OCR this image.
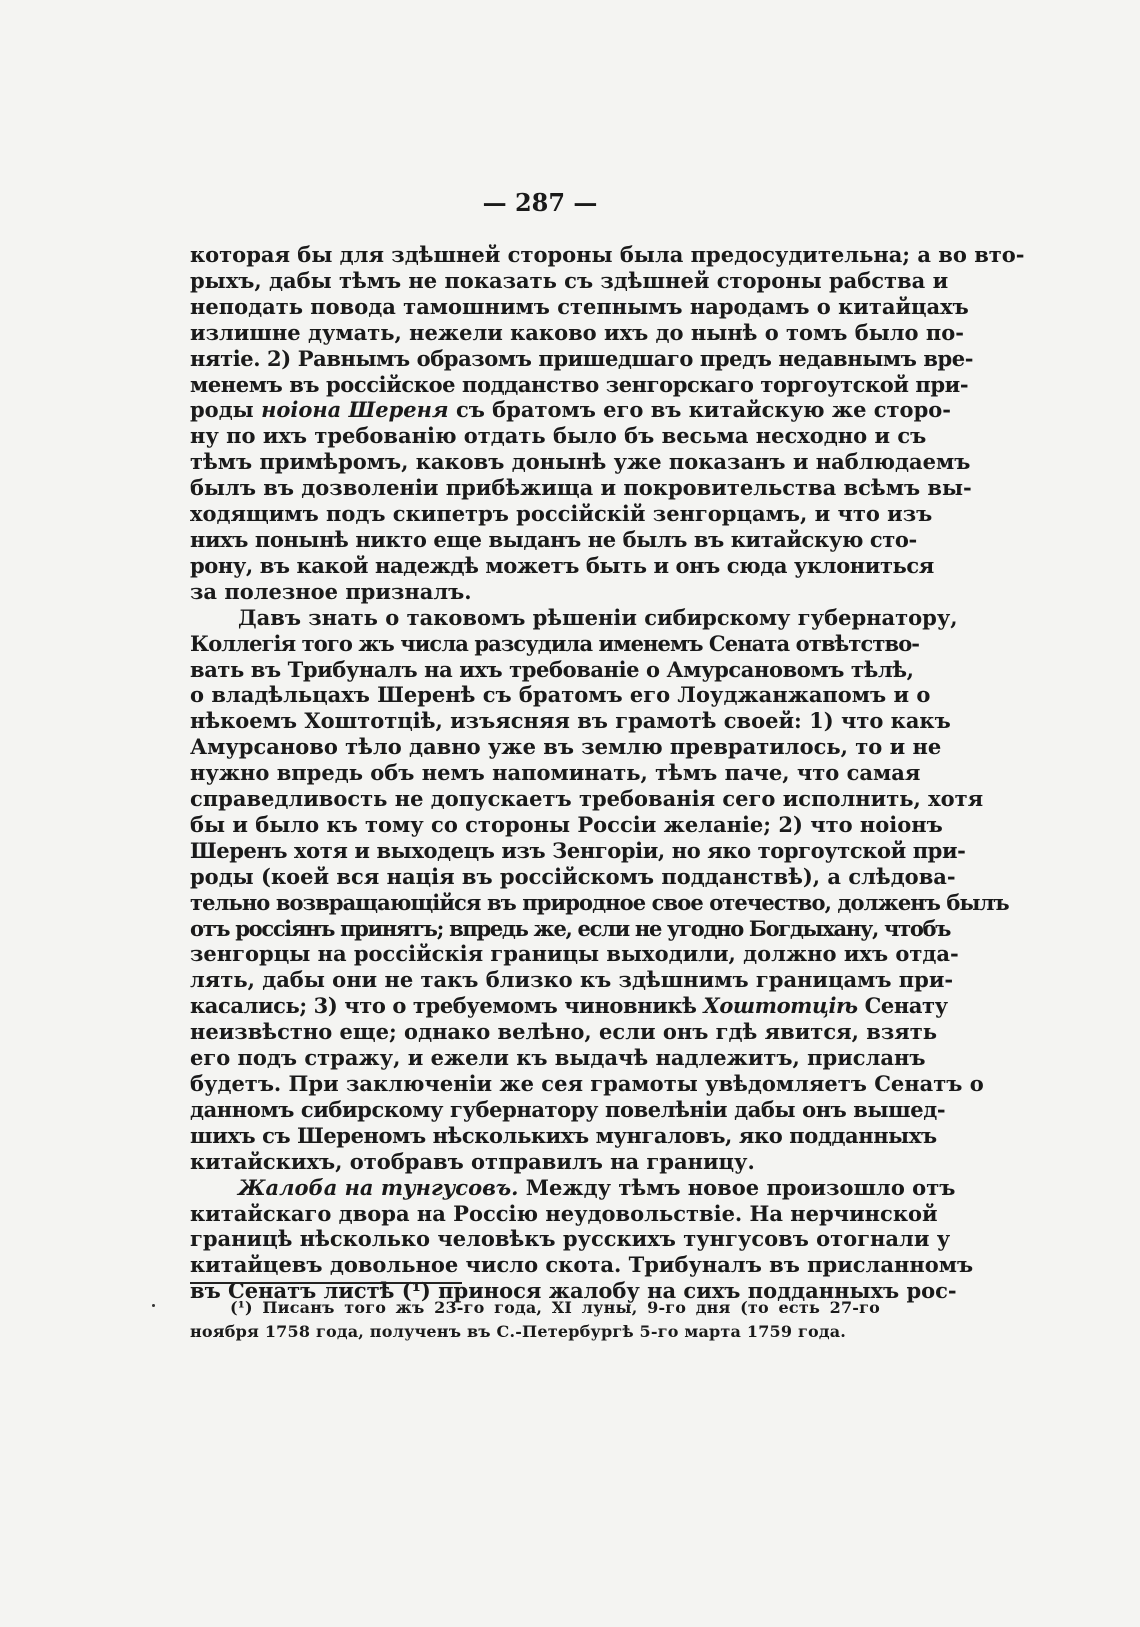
— 287 —
которая бы для здѣшней стороны была предосудительна; а во вто-
рыхъ, дабы тѣмъ не показать съ здѣшней стороны рабства и
неподать повода тамошнимъ степнымъ народамъ о китайцахъ
излишне думать, нежели каково ихъ до нынѣ о томъ было по-
нятіе. 2) Равнымъ образомъ пришедшаго предъ недавнымъ вре-
менемъ въ россійское подданство зенгорскаго торгоутской при-
роды ноіона Шереня съ братомъ его въ китайскую же сторо-
ну по ихъ требованію отдать было бъ весьма несходно и съ
тѣмъ примѣромъ, каковъ донынѣ уже показанъ и наблюдаемъ
былъ въ дозволеніи прибѣжища и покровительства всѣмъ вы-
ходящимъ подъ скипетръ россійскій зенгорцамъ, и что изъ
нихъ понынѣ никто еще выданъ не былъ въ китайскую сто-
рону, въ какой надеждѣ можетъ быть и онъ сюда уклониться
за полезное призналъ.
Давъ знать о таковомъ рѣшеніи сибирскому губернатору,
Коллегія того жъ числа разсудила именемъ Сената отвѣтство-
вать въ Трибуналъ на ихъ требованіе о Амурсановомъ тѣлѣ,
о владѣльцахъ Шеренѣ съ братомъ его Лоуджанжапомъ и о
нѣкоемъ Хоштотціѣ, изъясняя въ грамотѣ своей: 1) что какъ
Амурсаново тѣло давно уже въ землю превратилось, то и не
нужно впредь объ немъ напоминать, тѣмъ паче, что самая
справедливость не допускаетъ требованія сего исполнить, хотя
бы и было къ тому со стороны Россіи желаніе; 2) что ноіонъ
Шеренъ хотя и выходецъ изъ Зенгоріи, но яко торгоутской при-
роды (коей вся нація въ россійскомъ подданствѣ), а слѣдова-
тельно возвращающійся въ природное свое отечество, долженъ былъ
отъ россіянъ принятъ; впредь же, если не угодно Богдыхану, чтобъ
зенгорцы на россійскія границы выходили, должно ихъ отда-
лять, дабы они не такъ близко къ здѣшнимъ границамъ при-
касались; 3) что о требуемомъ чиновникѣ Хоштотціѣ Сенату
неизвѣстно еще; однако велѣно, если онъ гдѣ явится, взять
его подъ стражу, и ежели къ выдачѣ надлежитъ, присланъ
будетъ. При заключеніи же сея грамоты увѣдомляетъ Сенатъ о
данномъ сибирскому губернатору повелѣніи дабы онъ вышед-
шихъ съ Шереномъ нѣсколькихъ мунгаловъ, яко подданныхъ
китайскихъ, отобравъ отправилъ на границу.
Жалоба на тунгусовъ. Между тѣмъ новое произошло отъ
китайскаго двора на Россію неудовольствіе. На нерчинской
границѣ нѣсколько человѣкъ русскихъ тунгусовъ отогнали у
китайцевъ довольное число скота. Трибуналъ въ присланномъ
въ Сенатъ листѣ (¹) принося жалобу на сихъ подданныхъ рос-
(¹) Писанъ того жъ 23-го года, XI луны, 9-го дня (то есть 27-го
ноября 1758 года, полученъ въ С.-Петербургѣ 5-го марта 1759 года.
